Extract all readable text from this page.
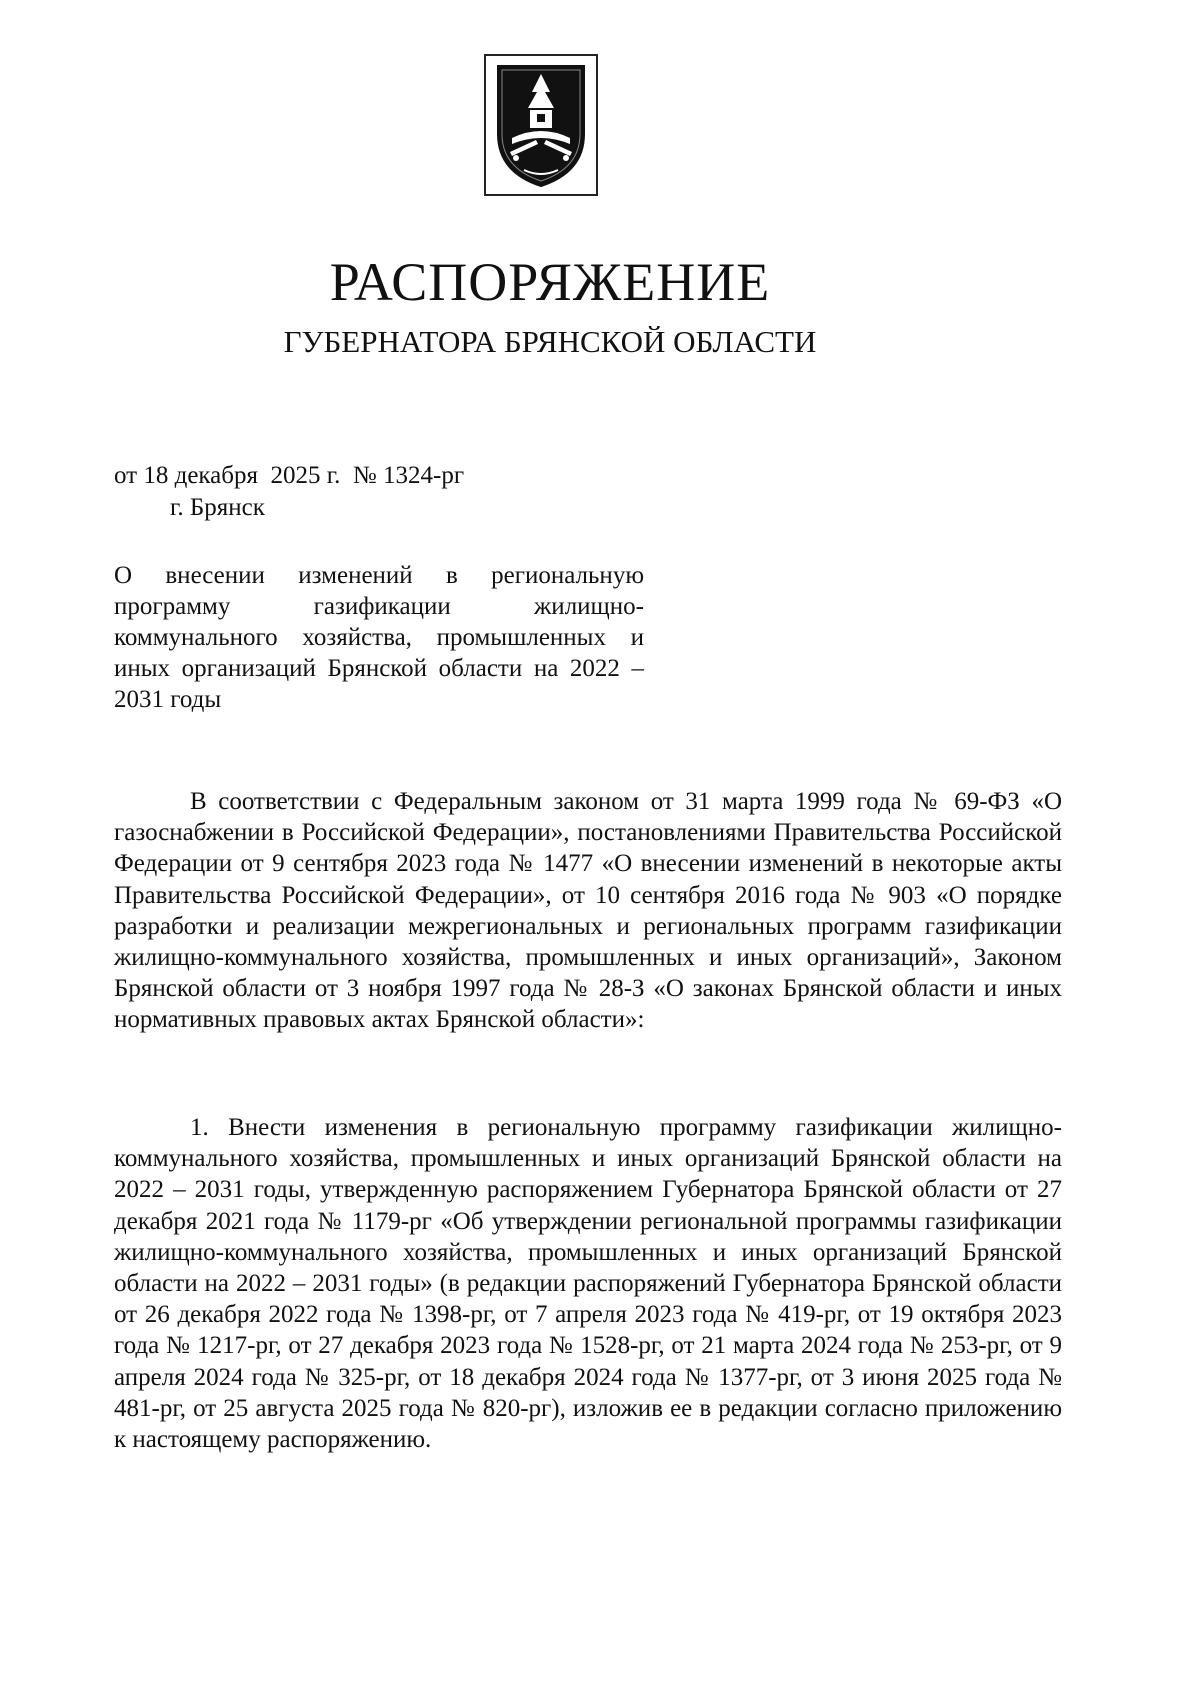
РАСПОРЯЖЕНИЕ
ГУБЕРНАТОРА БРЯНСКОЙ ОБЛАСТИ
от 18 декабря  2025 г.  № 1324-рг
г. Брянск
О внесении изменений в региональную программу газификации жилищно-коммунального хозяйства, промышленных и иных организаций Брянской области на 2022 – 2031 годы

В соответствии с Федеральным законом от 31 марта 1999 года № 69-ФЗ «О газоснабжении в Российской Федерации», постановлениями Правительства Российской Федерации от 9 сентября 2023 года № 1477 «О внесении изменений в некоторые акты Правительства Российской Федерации», от 10 сентября 2016 года № 903 «О порядке разработки и реализации межрегиональных и региональных программ газификации жилищно-коммунального хозяйства, промышленных и иных организаций», Законом Брянской области от 3 ноября 1997 года № 28-З «О законах Брянской области и иных нормативных правовых актах Брянской области»:

1. Внести изменения в региональную программу газификации жилищно-коммунального хозяйства, промышленных и иных организаций Брянской области на 2022 – 2031 годы, утвержденную распоряжением Губернатора Брянской области от 27 декабря 2021 года № 1179-рг «Об утверждении региональной программы газификации жилищно-коммунального хозяйства, промышленных и иных организаций Брянской области на 2022 – 2031 годы» (в редакции распоряжений Губернатора Брянской области от 26 декабря 2022 года № 1398-рг, от 7 апреля 2023 года № 419-рг, от 19 октября 2023 года № 1217-рг, от 27 декабря 2023 года № 1528-рг, от 21 марта 2024 года № 253-рг, от 9 апреля 2024 года № 325-рг, от 18 декабря 2024 года № 1377-рг, от 3 июня 2025 года № 481-рг, от 25 августа 2025 года № 820-рг), изложив ее в редакции согласно приложению к настоящему распоряжению.
